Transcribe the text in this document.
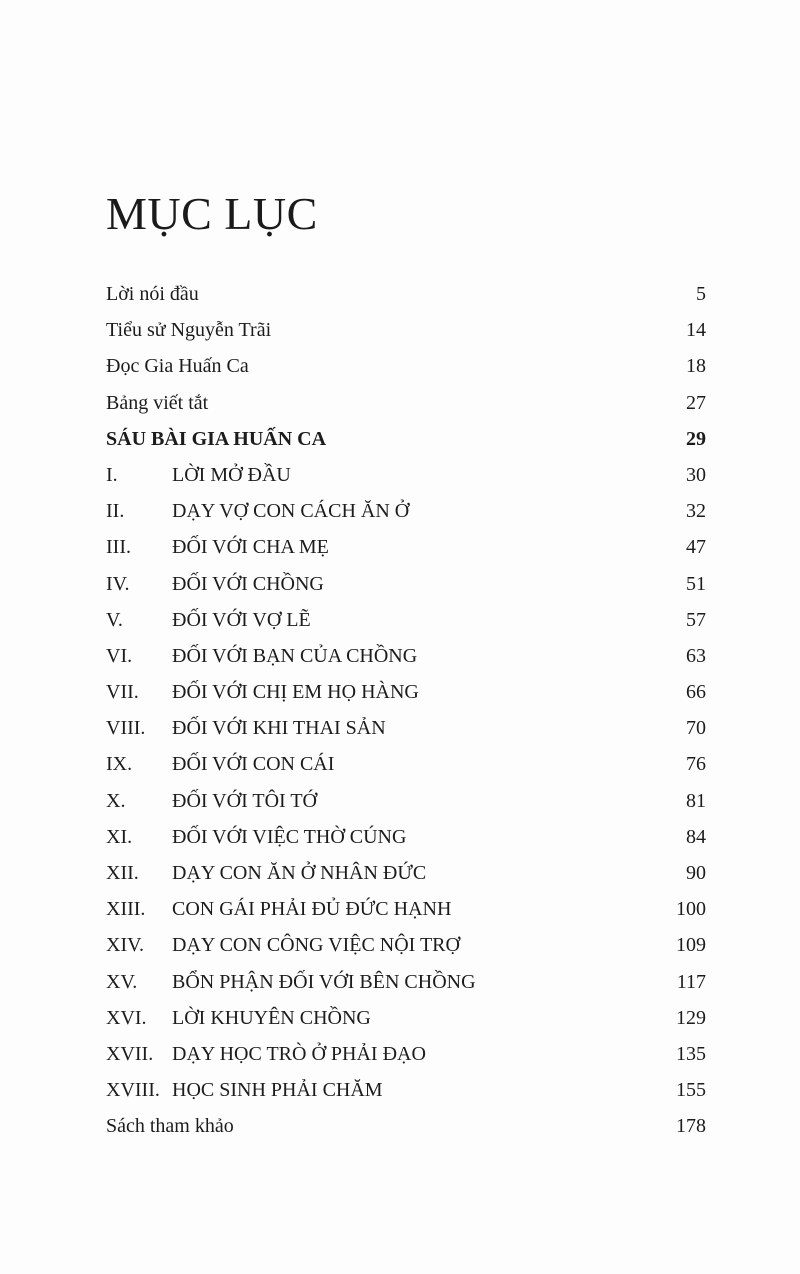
MỤC LỤC
Lời nói đầu	5
Tiểu sử Nguyễn Trãi	14
Đọc Gia Huấn Ca	18
Bảng viết tắt	27
SÁU BÀI GIA HUẤN CA	29
I.	LỜI MỞ ĐẦU	30
II.	DẠY VỢ CON CÁCH ĂN Ở	32
III.	ĐỐI VỚI CHA MẸ	47
IV.	ĐỐI VỚI CHỒNG	51
V.	ĐỐI VỚI VỢ LẼ	57
VI.	ĐỐI VỚI BẠN CỦA CHỒNG	63
VII.	ĐỐI VỚI CHỊ EM HỌ HÀNG	66
VIII.	ĐỐI VỚI KHI THAI SẢN	70
IX.	ĐỐI VỚI CON CÁI	76
X.	ĐỐI VỚI TÔI TỚ	81
XI.	ĐỐI VỚI VIỆC THỜ CÚNG	84
XII.	DẠY CON ĂN Ở NHÂN ĐỨC	90
XIII.	CON GÁI PHẢI ĐỦ ĐỨC HẠNH	100
XIV.	DẠY CON CÔNG VIỆC NỘI TRỢ	109
XV.	BỔN PHẬN ĐỐI VỚI BÊN CHỒNG	117
XVI.	LỜI KHUYÊN CHỒNG	129
XVII. DẠY HỌC TRÒ Ở PHẢI ĐẠO	135
XVIII. HỌC SINH PHẢI CHĂM	155
Sách tham khảo	178
